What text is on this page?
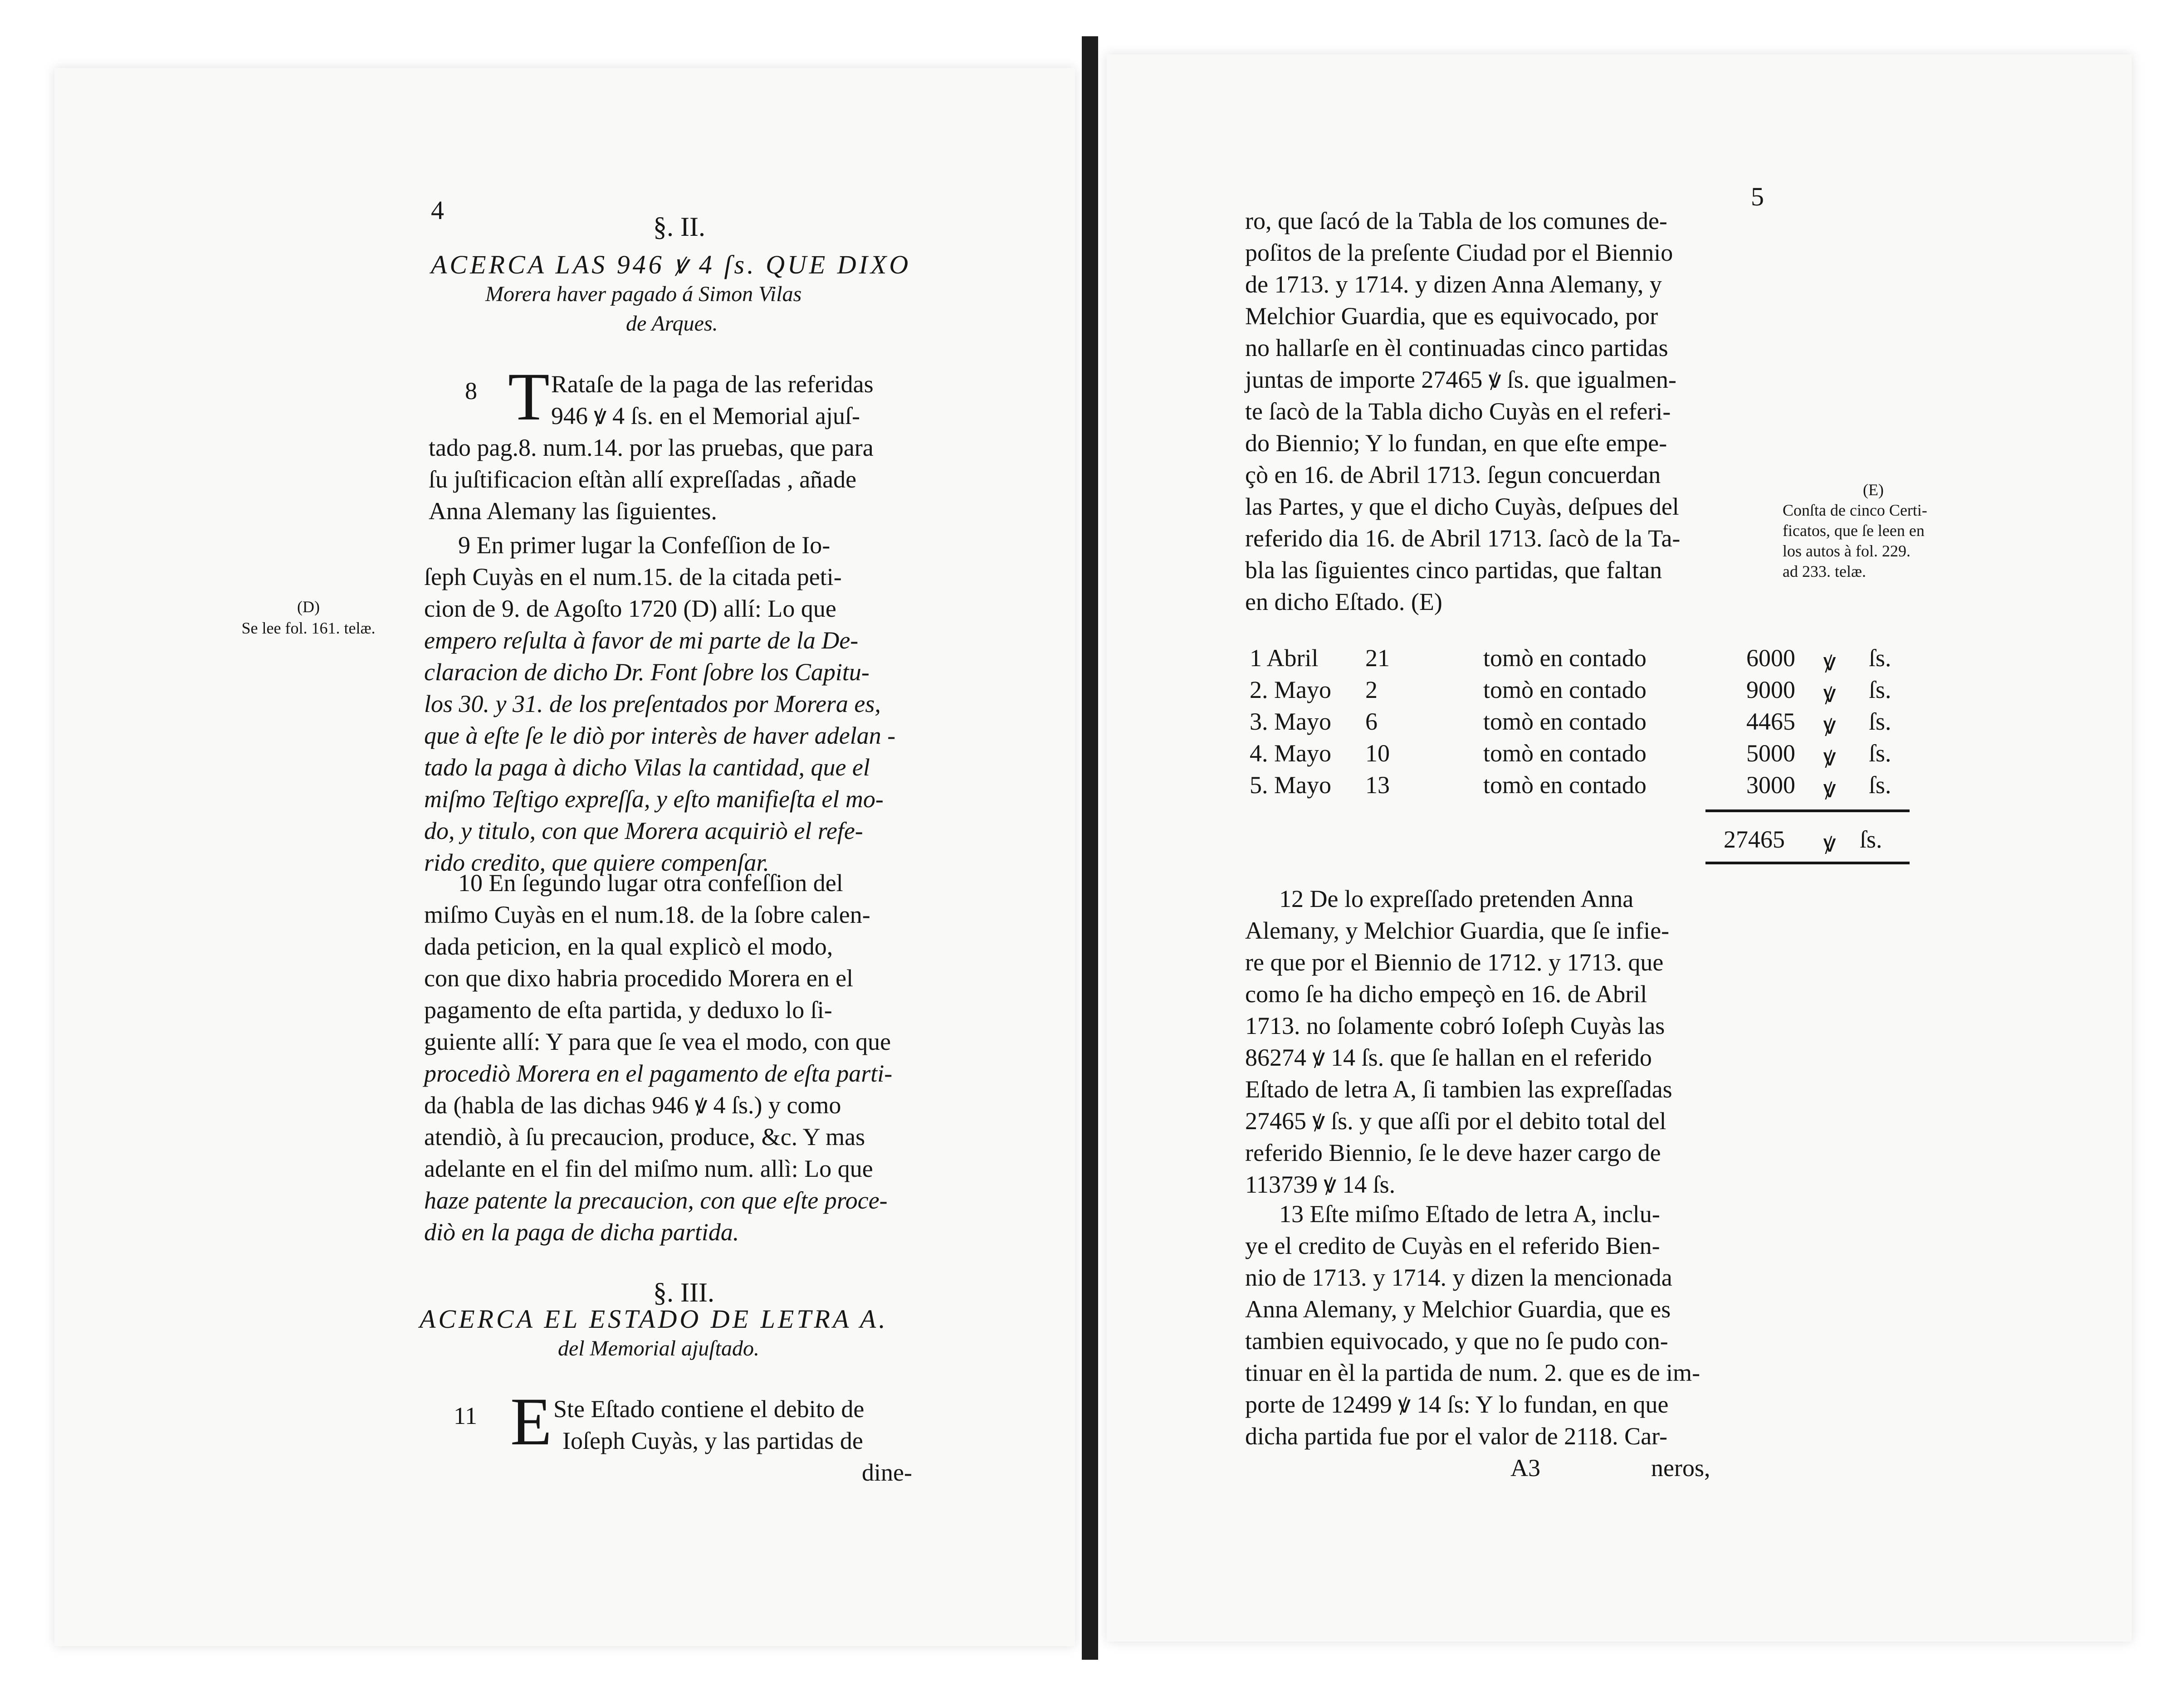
4
§. II.
ACERCA LAS 946 ꝟ 4 ſs. QUE DIXO
Morera haver pagado á Simon Vilas
de Arques.
8 T Rataſe de la paga de las referidas
946 ꝟ 4 ſs. en el Memorial ajuſ-
tado pag.8. num.14. por las pruebas, que para
ſu juſtificacion eſtàn allí expreſſadas , añade
Anna Alemany las ſiguientes.
9 En primer lugar la Confeſſion de Io-
ſeph Cuyàs en el num.15. de la citada peti-
cion de 9. de Agoſto 1720 (D) allí: Lo que
empero reſulta à favor de mi parte de la De-
claracion de dicho Dr. Font ſobre los Capitu-
los 30. y 31. de los preſentados por Morera es,
que à eſte ſe le diò por interès de haver adelan -
tado la paga à dicho Vilas la cantidad, que el
miſmo Teſtigo expreſſa, y eſto manifieſta el mo-
do, y titulo, con que Morera acquiriò el refe-
rido credito, que quiere compenſar.
10 En ſegundo lugar otra confeſſion del
miſmo Cuyàs en el num.18. de la ſobre calen-
dada peticion, en la qual explicò el modo,
con que dixo habria procedido Morera en el
pagamento de eſta partida, y deduxo lo ſi-
guiente allí: Y para que ſe vea el modo, con que
procediò Morera en el pagamento de eſta parti-
da (habla de las dichas 946 ꝟ 4 ſs.) y como
atendiò, à ſu precaucion, produce, &c. Y mas
adelante en el fin del miſmo num. allì: Lo que
haze patente la precaucion, con que eſte proce-
diò en la paga de dicha partida.
§. III.
ACERCA EL ESTADO DE LETRA A.
del Memorial ajuſtado.
11 E Ste Eſtado contiene el debito de
Ioſeph Cuyàs, y las partidas de
dine-
(D)
Se lee fol. 161. telæ.
5
ro, que ſacó de la Tabla de los comunes de-
poſitos de la preſente Ciudad por el Biennio
de 1713. y 1714. y dizen Anna Alemany, y
Melchior Guardia, que es equivocado, por
no hallarſe en èl continuadas cinco partidas
juntas de importe 27465 ꝟ ſs. que igualmen-
te ſacò de la Tabla dicho Cuyàs en el referi-
do Biennio; Y lo fundan, en que eſte empe-
çò en 16. de Abril 1713. ſegun concuerdan
las Partes, y que el dicho Cuyàs, deſpues del
referido dia 16. de Abril 1713. ſacò de la Ta-
bla las ſiguientes cinco partidas, que faltan
en dicho Eſtado. (E)
1 Abril 21	tomò en contado	6000 ꝟ ſs.
2. Mayo 2	tomò en contado	9000 ꝟ ſs.
3. Mayo 6	tomò en contado	4465 ꝟ ſs.
4. Mayo 10	tomò en contado	5000 ꝟ ſs.
5. Mayo 13	tomò en contado	3000 ꝟ ſs.
27465 ꝟ ſs.
12 De lo expreſſado pretenden Anna
Alemany, y Melchior Guardia, que ſe infie-
re que por el Biennio de 1712. y 1713. que
como ſe ha dicho empeçò en 16. de Abril
1713. no ſolamente cobró Ioſeph Cuyàs las
86274 ꝟ 14 ſs. que ſe hallan en el referido
Eſtado de letra A, ſi tambien las expreſſadas
27465 ꝟ ſs. y que aſſi por el debito total del
referido Biennio, ſe le deve hazer cargo de
113739 ꝟ 14 ſs.
13 Eſte miſmo Eſtado de letra A, inclu-
ye el credito de Cuyàs en el referido Bien-
nio de 1713. y 1714. y dizen la mencionada
Anna Alemany, y Melchior Guardia, que es
tambien equivocado, y que no ſe pudo con-
tinuar en èl la partida de num. 2. que es de im-
porte de 12499 ꝟ 14 ſs: Y lo fundan, en que
dicha partida fue por el valor de 2118. Car-
A3	neros,
(E)
Conſta de cinco Certi-
ficatos, que ſe leen en
los autos à fol. 229.
ad 233. telæ.
